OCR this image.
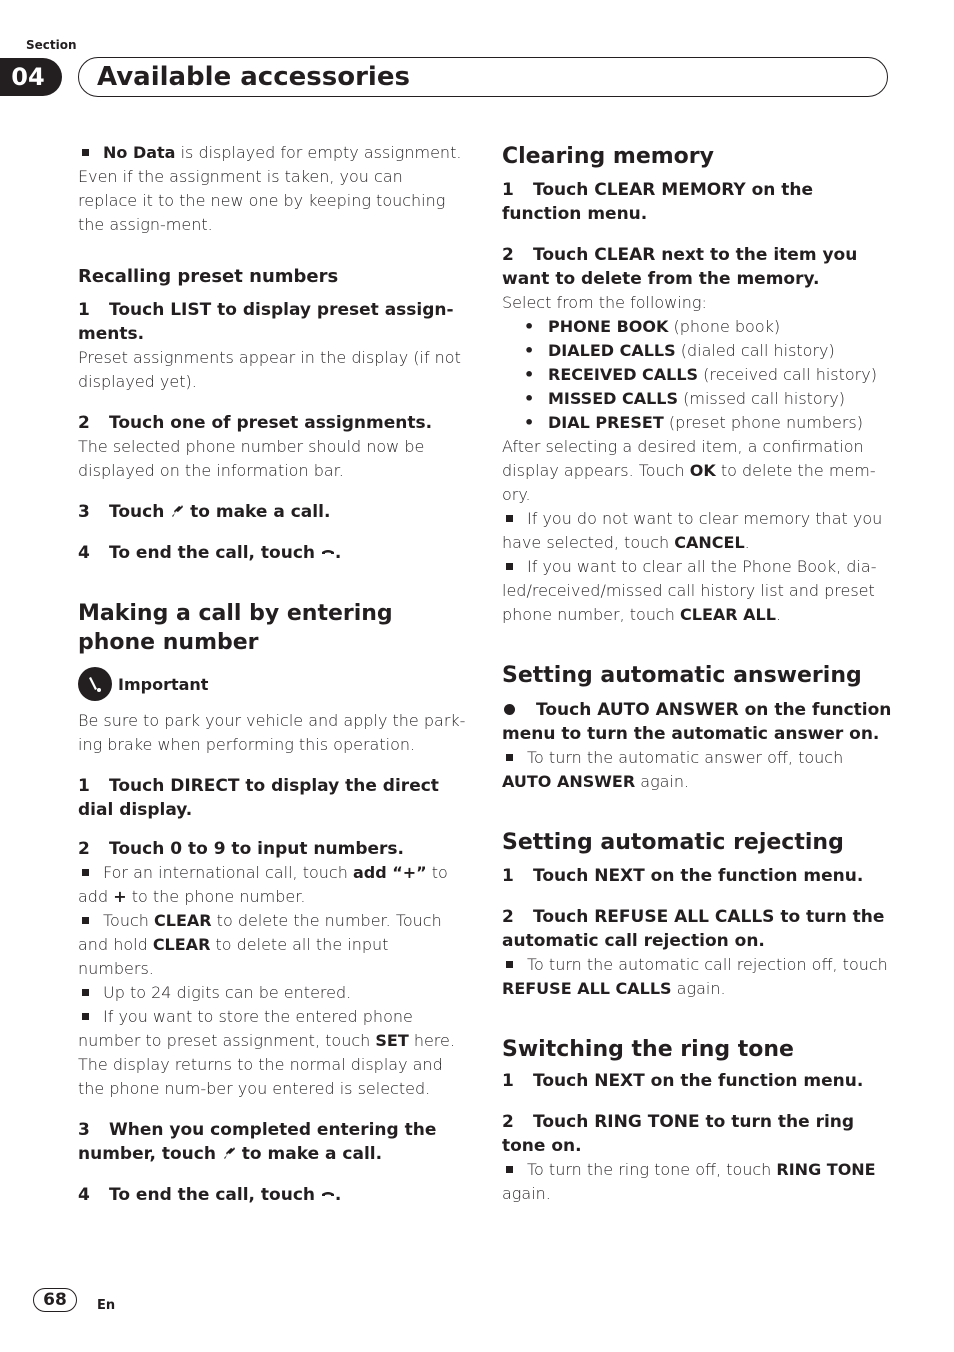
Section
04	Available accessories

No Data is displayed for empty assignment.

Even if the assignment is taken, you can replace it to the new one by keeping touching the assign-ment.

Recalling preset numbers

1 Touch LIST to display preset assign-ments.

Preset assignments appear in the display (if not displayed yet).

2 Touch one of preset assignments.

The selected phone number should now be displayed on the information bar.

3 Touch  to make a call.

4 To end the call, touch .

Making a call by entering phone number
Important

Be sure to park your vehicle and apply the park-ing brake when performing this operation.

1 Touch DIRECT to display the direct dial display.

2 Touch 0 to 9 to input numbers.

For an international call, touch add “+” to add + to the phone number.

Touch CLEAR to delete the number. Touch and hold CLEAR to delete all the input numbers.

Up to 24 digits can be entered.

If you want to store the entered phone number to preset assignment, touch SET here. The display returns to the normal display and the phone num-ber you entered is selected.

3 When you completed entering the number, touch  to make a call.

4 To end the call, touch .

Clearing memory

1 Touch CLEAR MEMORY on the function menu.

2 Touch CLEAR next to the item you want to delete from the memory.

Select from the following:

• PHONE BOOK (phone book)

• DIALED CALLS (dialed call history)

• RECEIVED CALLS (received call history)

• MISSED CALLS (missed call history)

• DIAL PRESET (preset phone numbers)

After selecting a desired item, a confirmation display appears. Touch OK to delete the mem-ory.

If you do not want to clear memory that you have selected, touch CANCEL.

If you want to clear all the Phone Book, dia-led/received/missed call history list and preset phone number, touch CLEAR ALL.

Setting automatic answering

Touch AUTO ANSWER on the function menu to turn the automatic answer on.

To turn the automatic answer off, touch AUTO ANSWER again.

Setting automatic rejecting

1 Touch NEXT on the function menu.

2 Touch REFUSE ALL CALLS to turn the automatic call rejection on.

To turn the automatic call rejection off, touch REFUSE ALL CALLS again.

Switching the ring tone

1 Touch NEXT on the function menu.

2 Touch RING TONE to turn the ring tone on.

To turn the ring tone off, touch RING TONE again.

68	En
